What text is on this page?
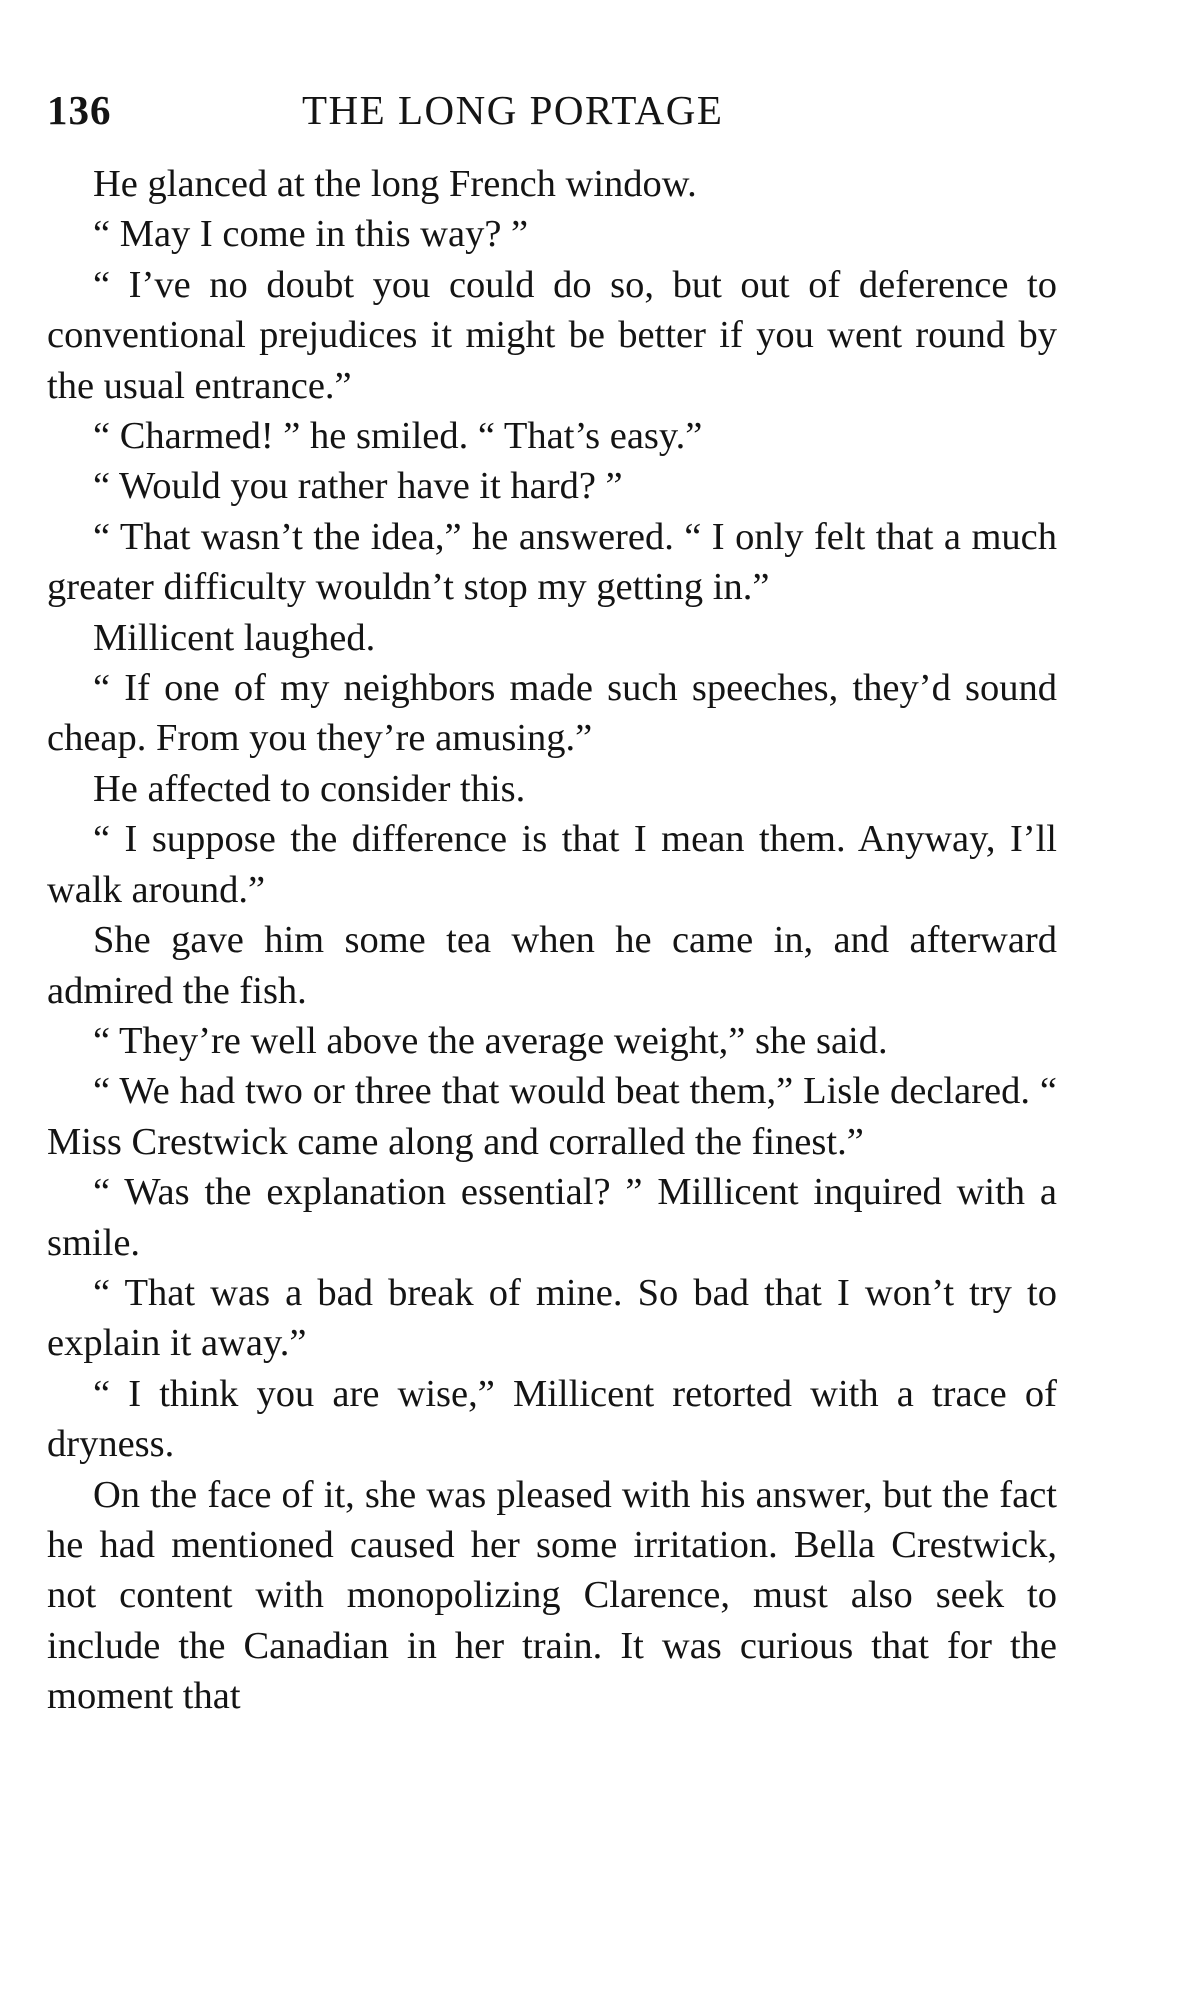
136	THE LONG PORTAGE

He glanced at the long French window.

“ May I come in this way? ”

“ I’ve no doubt you could do so, but out of deference to conventional prejudices it might be better if you went round by the usual entrance.”

“ Charmed! ” he smiled. “ That’s easy.”

“ Would you rather have it hard? ”

“ That wasn’t the idea,” he answered. “ I only felt that a much greater difficulty wouldn’t stop my getting in.”

Millicent laughed.

“ If one of my neighbors made such speeches, they’d sound cheap. From you they’re amusing.”

He affected to consider this.

“ I suppose the difference is that I mean them. Anyway, I’ll walk around.”

She gave him some tea when he came in, and afterward admired the fish.

“ They’re well above the average weight,” she said.

“ We had two or three that would beat them,” Lisle declared. “ Miss Crestwick came along and corralled the finest.”

“ Was the explanation essential? ” Millicent inquired with a smile.

“ That was a bad break of mine. So bad that I won’t try to explain it away.”

“ I think you are wise,” Millicent retorted with a trace of dryness.

On the face of it, she was pleased with his answer, but the fact he had mentioned caused her some irritation. Bella Crestwick, not content with monopolizing Clarence, must also seek to include the Canadian in her train. It was curious that for the moment that
